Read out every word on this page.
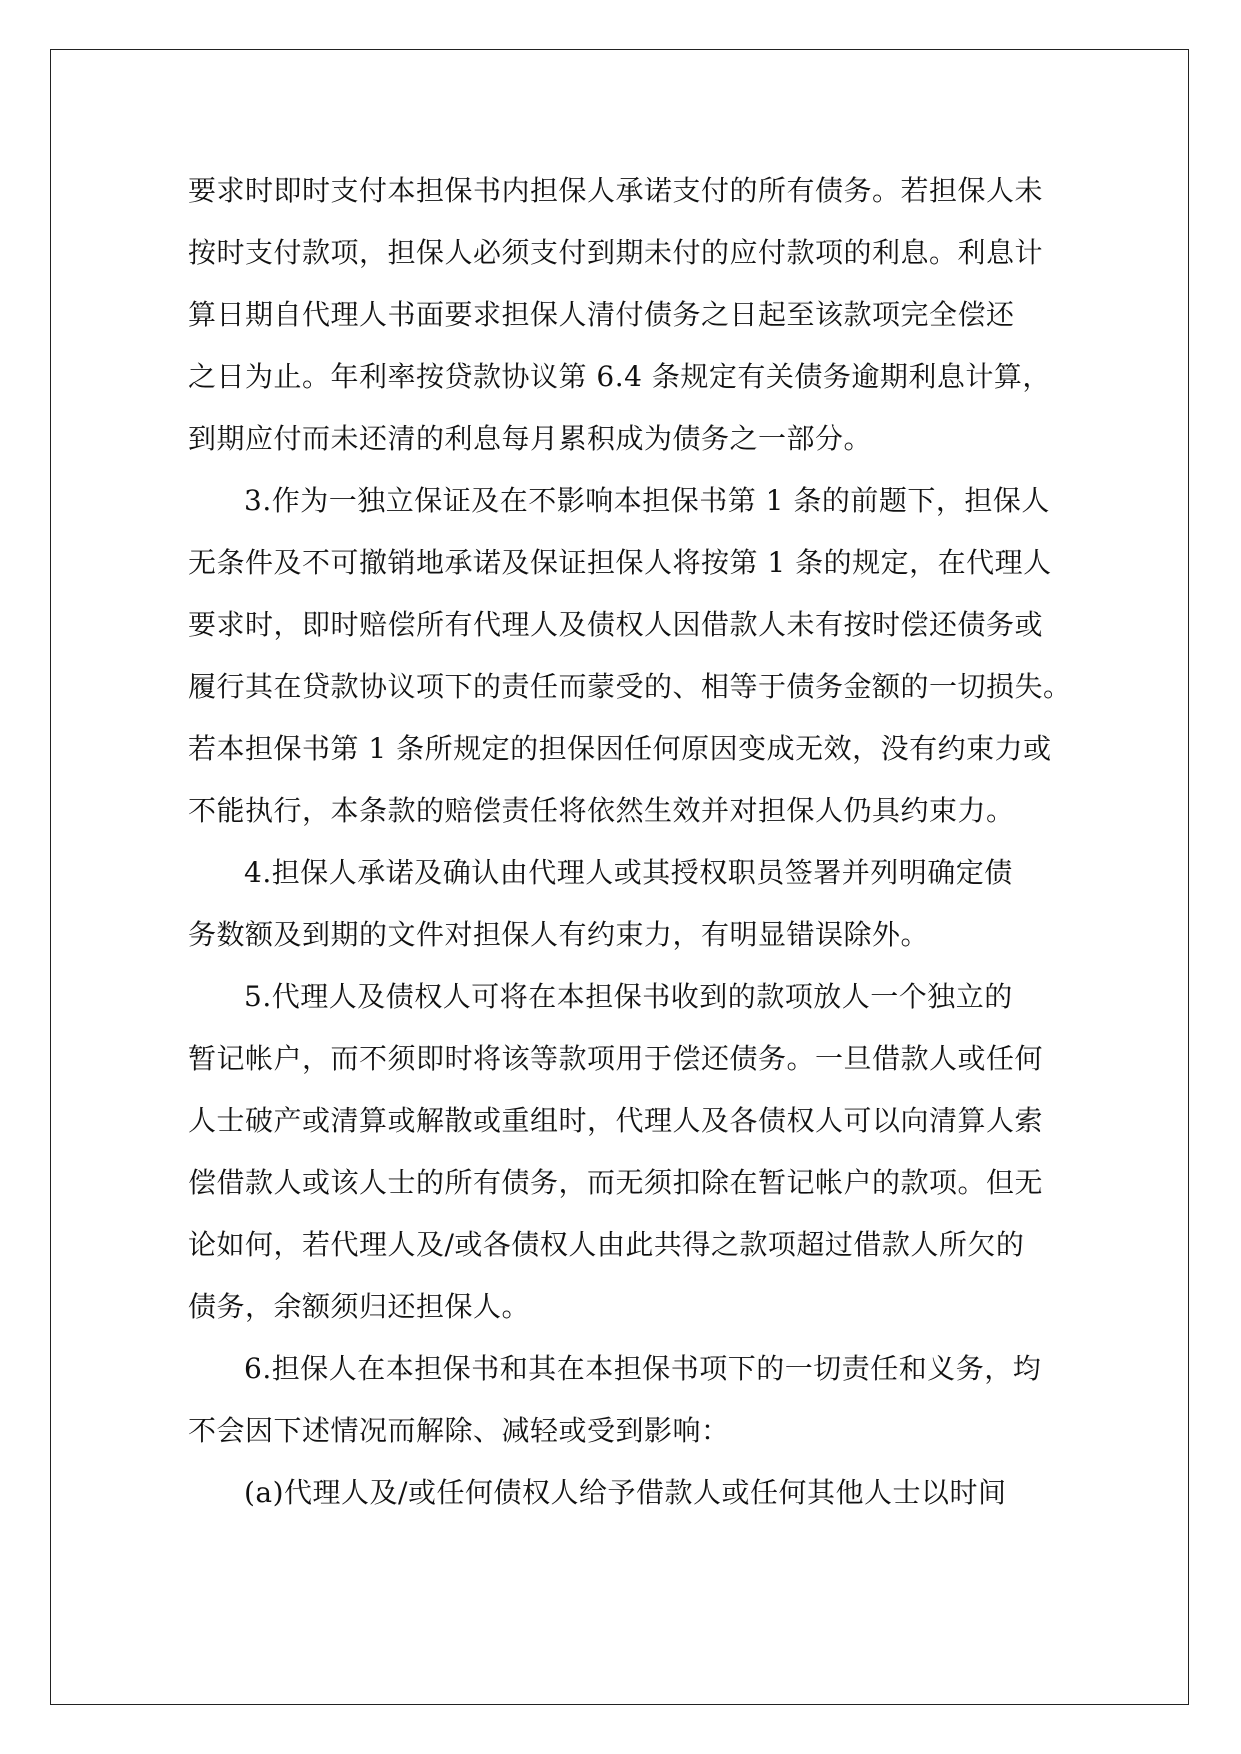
要求时即时支付本担保书内担保人承诺支付的所有债务。若担保人未
按时支付款项，担保人必须支付到期未付的应付款项的利息。利息计
算日期自代理人书面要求担保人清付债务之日起至该款项完全偿还
之日为止。年利率按贷款协议第 6.4 条规定有关债务逾期利息计算，
到期应付而未还清的利息每月累积成为债务之一部分。
3.作为一独立保证及在不影响本担保书第 1 条的前题下，担保人
无条件及不可撤销地承诺及保证担保人将按第 1 条的规定，在代理人
要求时，即时赔偿所有代理人及债权人因借款人未有按时偿还债务或
履行其在贷款协议项下的责任而蒙受的、相等于债务金额的一切损失。
若本担保书第 1 条所规定的担保因任何原因变成无效，没有约束力或
不能执行，本条款的赔偿责任将依然生效并对担保人仍具约束力。
4.担保人承诺及确认由代理人或其授权职员签署并列明确定债
务数额及到期的文件对担保人有约束力，有明显错误除外。
5.代理人及债权人可将在本担保书收到的款项放人一个独立的
暂记帐户，而不须即时将该等款项用于偿还债务。一旦借款人或任何
人士破产或清算或解散或重组时，代理人及各债权人可以向清算人索
偿借款人或该人士的所有债务，而无须扣除在暂记帐户的款项。但无
论如何，若代理人及/或各债权人由此共得之款项超过借款人所欠的
债务，余额须归还担保人。
6.担保人在本担保书和其在本担保书项下的一切责任和义务，均
不会因下述情况而解除、减轻或受到影响：
(a)代理人及/或任何债权人给予借款人或任何其他人士以时间
